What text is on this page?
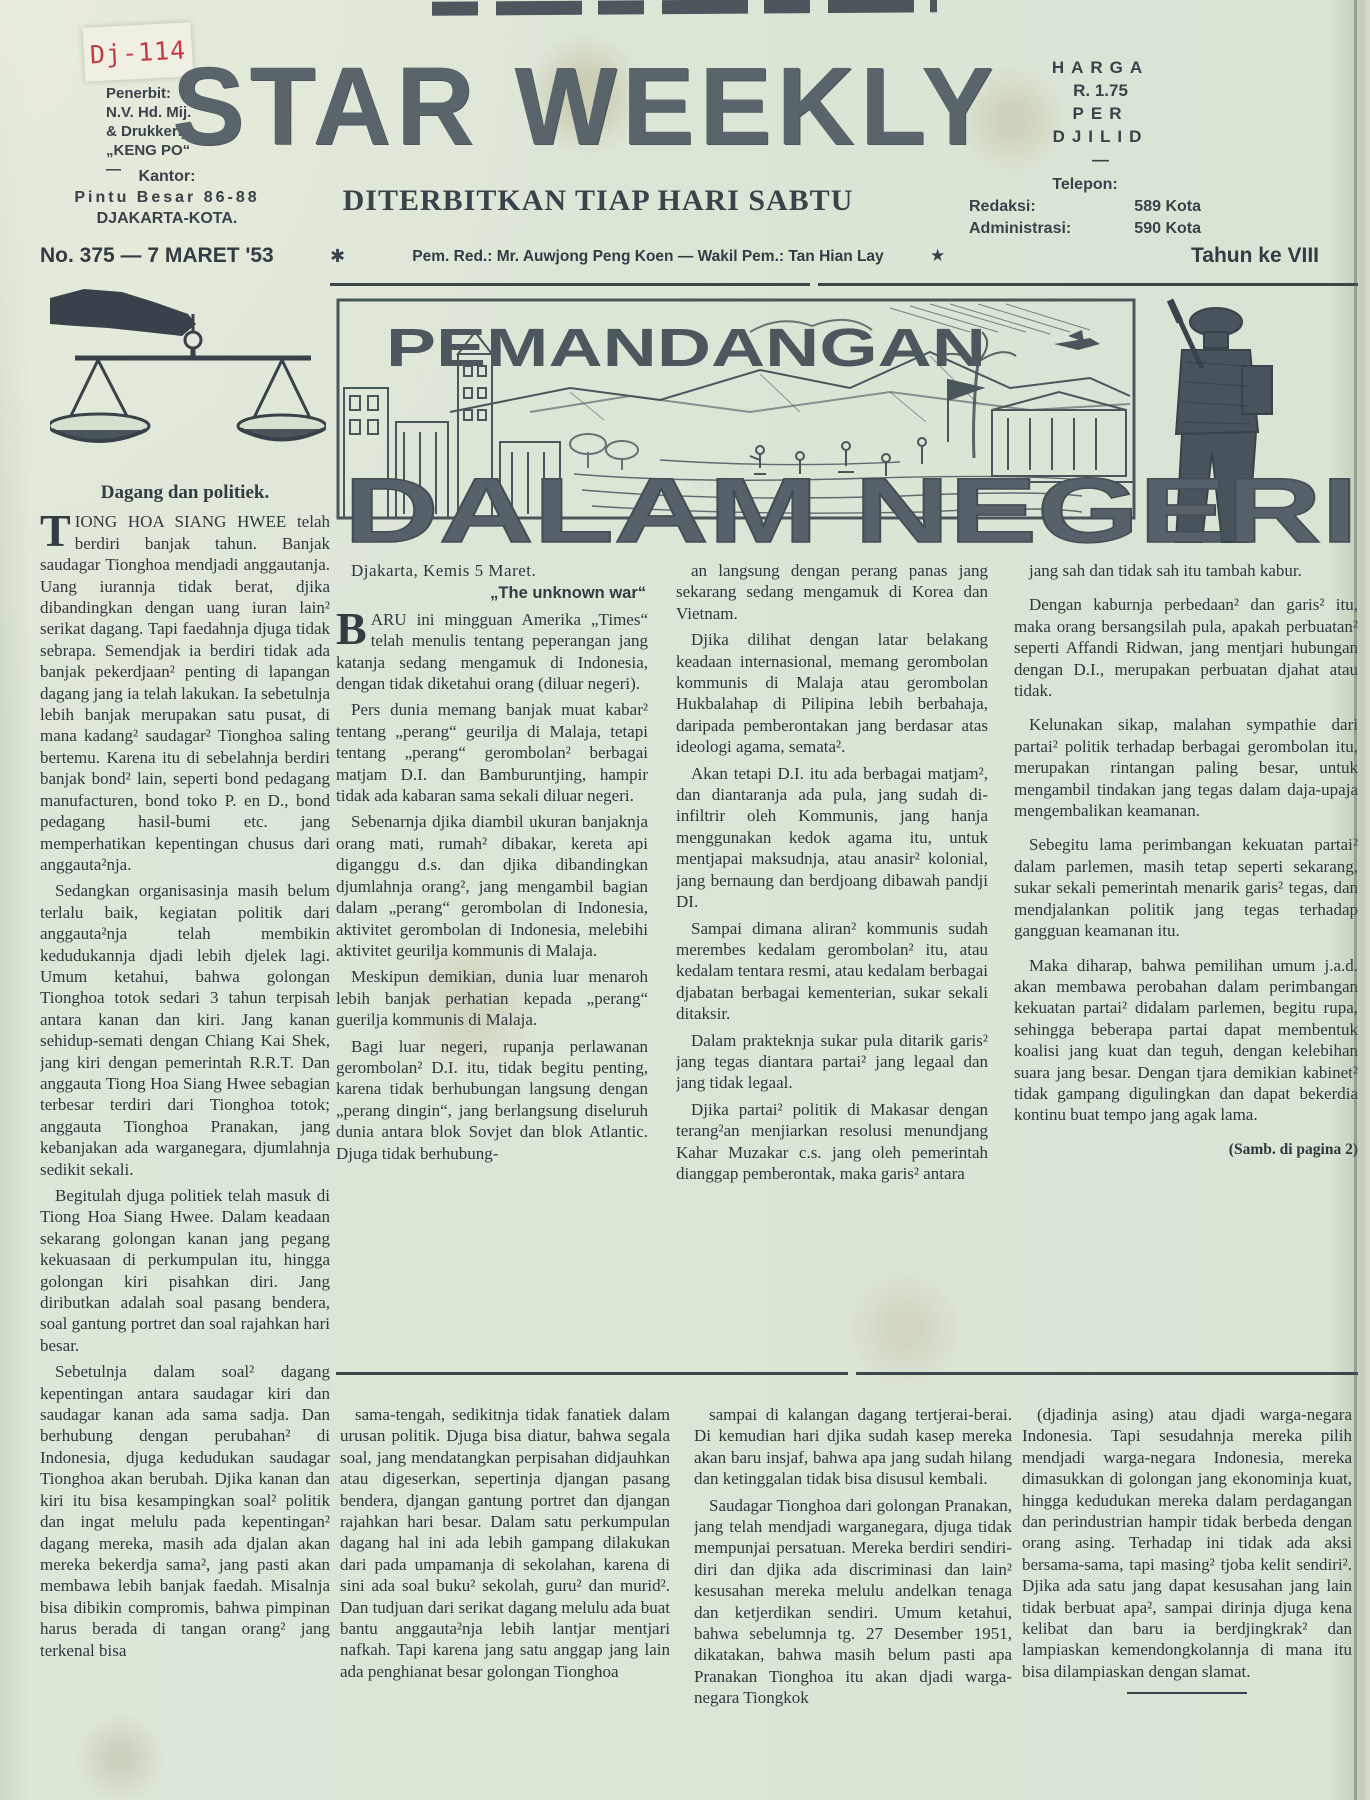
Dj-114
Penerbit:
N.V. Hd. Mij.
& Drukkerij
„KENG PO“
—
STAR WEEKLY	HARGA
R. 1.75
PER
DJILID
—
Kantor:
Pintu Besar 86-88
DJAKARTA-KOTA.
DITERBITKAN TIAP HARI SABTU	Telepon:
Redaksi:	589 Kota
Administrasi:	590 Kota
No. 375 — 7 MARET '53	✱	Pem. Red.: Mr. Auwjong Peng Koen — Wakil Pem.: Tan Hian Lay	★	Tahun ke VIII
PEMANDANGAN
DALAM NEGERI
Dagang dan politiek.

TIONG HOA SIANG HWEE telah berdiri banjak tahun. Banjak saudagar Tionghoa mendjadi anggautanja. Uang iurannja tidak berat, djika dibandingkan dengan uang iuran lain² serikat dagang. Tapi faedahnja djuga tidak sebrapa. Semendjak ia berdiri tidak ada banjak pekerdjaan² penting di lapangan dagang jang ia telah lakukan. Ia sebetulnja lebih banjak merupakan satu pusat, di mana kadang² saudagar² Tionghoa saling bertemu. Karena itu di sebelahnja berdiri banjak bond² lain, seperti bond pedagang manufacturen, bond toko P. en D., bond pedagang hasil-bumi etc. jang memperhatikan kepentingan chusus dari anggauta²nja.

Sedangkan organisasinja masih belum terlalu baik, kegiatan politik dari anggauta²nja telah membikin kedudukannja djadi lebih djelek lagi. Umum ketahui, bahwa golongan Tionghoa totok sedari 3 tahun terpisah antara kanan dan kiri. Jang kanan sehidup-semati dengan Chiang Kai Shek, jang kiri dengan pemerintah R.R.T. Dan anggauta Tiong Hoa Siang Hwee sebagian terbesar terdiri dari Tionghoa totok; anggauta Tionghoa Pranakan, jang kebanjakan ada warganegara, djumlahnja sedikit sekali.

Begitulah djuga politiek telah masuk di Tiong Hoa Siang Hwee. Dalam keadaan sekarang golongan kanan jang pegang kekuasaan di perkumpulan itu, hingga golongan kiri pisahkan diri. Jang diributkan adalah soal pasang bendera, soal gantung portret dan soal rajahkan hari besar.

Sebetulnja dalam soal² dagang kepentingan antara saudagar kiri dan saudagar kanan ada sama sadja. Dan berhubung dengan perubahan² di Indonesia, djuga kedudukan saudagar Tionghoa akan berubah. Djika kanan dan kiri itu bisa kesampingkan soal² politik dan ingat melulu pada kepentingan² dagang mereka, masih ada djalan akan mereka bekerdja sama², jang pasti akan membawa lebih banjak faedah. Misalnja bisa dibikin compromis, bahwa pimpinan harus berada di tangan orang² jang terkenal bisa

Djakarta, Kemis 5 Maret.
„The unknown war“

BARU ini mingguan Amerika „Times“ telah menulis tentang peperangan jang katanja sedang mengamuk di Indonesia, dengan tidak diketahui orang (diluar negeri).

Pers dunia memang banjak muat kabar² tentang „perang“ geurilja di Malaja, tetapi tentang „perang“ gerombolan² berbagai matjam D.I. dan Bamburuntjing, hampir tidak ada kabaran sama sekali diluar negeri.

Sebenarnja djika diambil ukuran banjaknja orang mati, rumah² dibakar, kereta api diganggu d.s. dan djika dibandingkan djumlahnja orang², jang mengambil bagian dalam „perang“ gerombolan di Indonesia, aktivitet gerombolan di Indonesia, melebihi aktivitet geurilja kommunis di Malaja.

Meskipun demikian, dunia luar menaroh lebih banjak perhatian kepada „perang“ guerilja kommunis di Malaja.

Bagi luar negeri, rupanja perlawanan gerombolan² D.I. itu, tidak begitu penting, karena tidak berhubungan langsung dengan „perang dingin“, jang berlangsung diseluruh dunia antara blok Sovjet dan blok Atlantic. Djuga tidak berhubung-

an langsung dengan perang panas jang sekarang sedang mengamuk di Korea dan Vietnam.

Djika dilihat dengan latar belakang keadaan internasional, memang gerombolan kommunis di Malaja atau gerombolan Hukbalahap di Pilipina lebih berbahaja, daripada pemberontakan jang berdasar atas ideologi agama, semata².

Akan tetapi D.I. itu ada berbagai matjam², dan diantaranja ada pula, jang sudah di-infiltrir oleh Kommunis, jang hanja menggunakan kedok agama itu, untuk mentjapai maksudnja, atau anasir² kolonial, jang bernaung dan berdjoang dibawah pandji DI.

Sampai dimana aliran² kommunis sudah merembes kedalam gerombolan² itu, atau kedalam tentara resmi, atau kedalam berbagai djabatan berbagai kementerian, sukar sekali ditaksir.

Dalam prakteknja sukar pula ditarik garis² jang tegas diantara partai² jang legaal dan jang tidak legaal.

Djika partai² politik di Makasar dengan terang²an menjiarkan resolusi menundjang Kahar Muzakar c.s. jang oleh pemerintah dianggap pemberontak, maka garis² antara

jang sah dan tidak sah itu tambah kabur.

Dengan kaburnja perbedaan² dan garis² itu, maka orang bersangsilah pula, apakah perbuatan² seperti Affandi Ridwan, jang mentjari hubungan dengan D.I., merupakan perbuatan djahat atau tidak.

Kelunakan sikap, malahan sympathie dari partai² politik terhadap berbagai gerombolan itu, merupakan rintangan paling besar, untuk mengambil tindakan jang tegas dalam daja-upaja mengembalikan keamanan.

Sebegitu lama perimbangan kekuatan partai² dalam parlemen, masih tetap seperti sekarang, sukar sekali pemerintah menarik garis² tegas, dan mendjalankan politik jang tegas terhadap gangguan keamanan itu.

Maka diharap, bahwa pemilihan umum j.a.d. akan membawa perobahan dalam perimbangan kekuatan partai² didalam parlemen, begitu rupa, sehingga beberapa partai dapat membentuk koalisi jang kuat dan teguh, dengan kelebihan suara jang besar. Dengan tjara demikian kabinet² tidak gampang digulingkan dan dapat bekerdia kontinu buat tempo jang agak lama.

(Samb. di pagina 2)

sama-tengah, sedikitnja tidak fanatiek dalam urusan politik. Djuga bisa diatur, bahwa segala soal, jang mendatangkan perpisahan didjauhkan atau digeserkan, sepertinja djangan pasang bendera, djangan gantung portret dan djangan rajahkan hari besar. Dalam satu perkumpulan dagang hal ini ada lebih gampang dilakukan dari pada umpamanja di sekolahan, karena di sini ada soal buku² sekolah, guru² dan murid². Dan tudjuan dari serikat dagang melulu ada buat bantu anggauta²nja lebih lantjar mentjari nafkah. Tapi karena jang satu anggap jang lain ada penghianat besar golongan Tionghoa

sampai di kalangan dagang tertjerai-berai. Di kemudian hari djika sudah kasep mereka akan baru insjaf, bahwa apa jang sudah hilang dan ketinggalan tidak bisa disusul kembali.

Saudagar Tionghoa dari golongan Pranakan, jang telah mendjadi warganegara, djuga tidak mempunjai persatuan. Mereka berdiri sendiri-diri dan djika ada discriminasi dan lain² kesusahan mereka melulu andelkan tenaga dan ketjerdikan sendiri. Umum ketahui, bahwa sebelumnja tg. 27 Desember 1951, dikatakan, bahwa masih belum pasti apa Pranakan Tionghoa itu akan djadi warga-negara Tiongkok

(djadinja asing) atau djadi warga-negara Indonesia. Tapi sesudahnja mereka pilih mendjadi warga-negara Indonesia, mereka dimasukkan di golongan jang ekonominja kuat, hingga kedudukan mereka dalam perdagangan dan perindustrian hampir tidak berbeda dengan orang asing. Terhadap ini tidak ada aksi bersama-sama, tapi masing² tjoba kelit sendiri². Djika ada satu jang dapat kesusahan jang lain tidak berbuat apa², sampai dirinja djuga kena kelibat dan baru ia berdjingkrak² dan lampiaskan kemendongkolannja di mana itu bisa dilampiaskan dengan slamat.
